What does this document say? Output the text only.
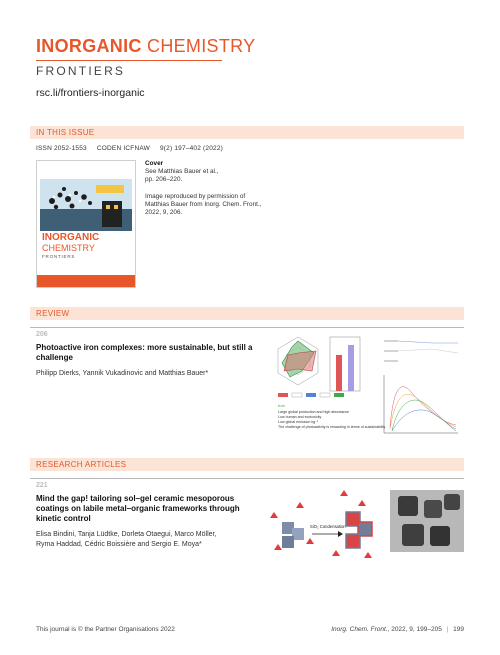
INORGANIC CHEMISTRY
FRONTIERS
rsc.li/frontiers-inorganic
IN THIS ISSUE
ISSN 2052-1553 CODEN ICFNAW 9(2) 197–402 (2022)
INORGANIC
CHEMISTRY
FRONTIERS

Cover
See Matthias Bauer et al.,
pp. 206–220.

Image reproduced by permission of Matthias Bauer from Inorg. Chem. Front., 2022, 9, 206.

REVIEW
206
Photoactive iron complexes: more sustainable, but still a challenge
Philipp Dierks, Yannik Vukadinovic and Matthias Bauer*
Iron
Large global production and high abundance
Low human and ecotoxicity
Low global emission kg⁻¹
The challenge of photoactivity is rewarding in terms of sustainability
RESEARCH ARTICLES
221
Mind the gap! tailoring sol–gel ceramic mesoporous coatings on labile metal–organic frameworks through kinetic control
Elisa Bindini, Tanja Lüdtke, Dorleta Otaegui, Marco Möller, Ryma Haddad, Cédric Boissière and Sergio E. Moya*
SiO₂ Condensation
This journal is © the Partner Organisations 2022	Inorg. Chem. Front., 2022, 9, 199–205 | 199
